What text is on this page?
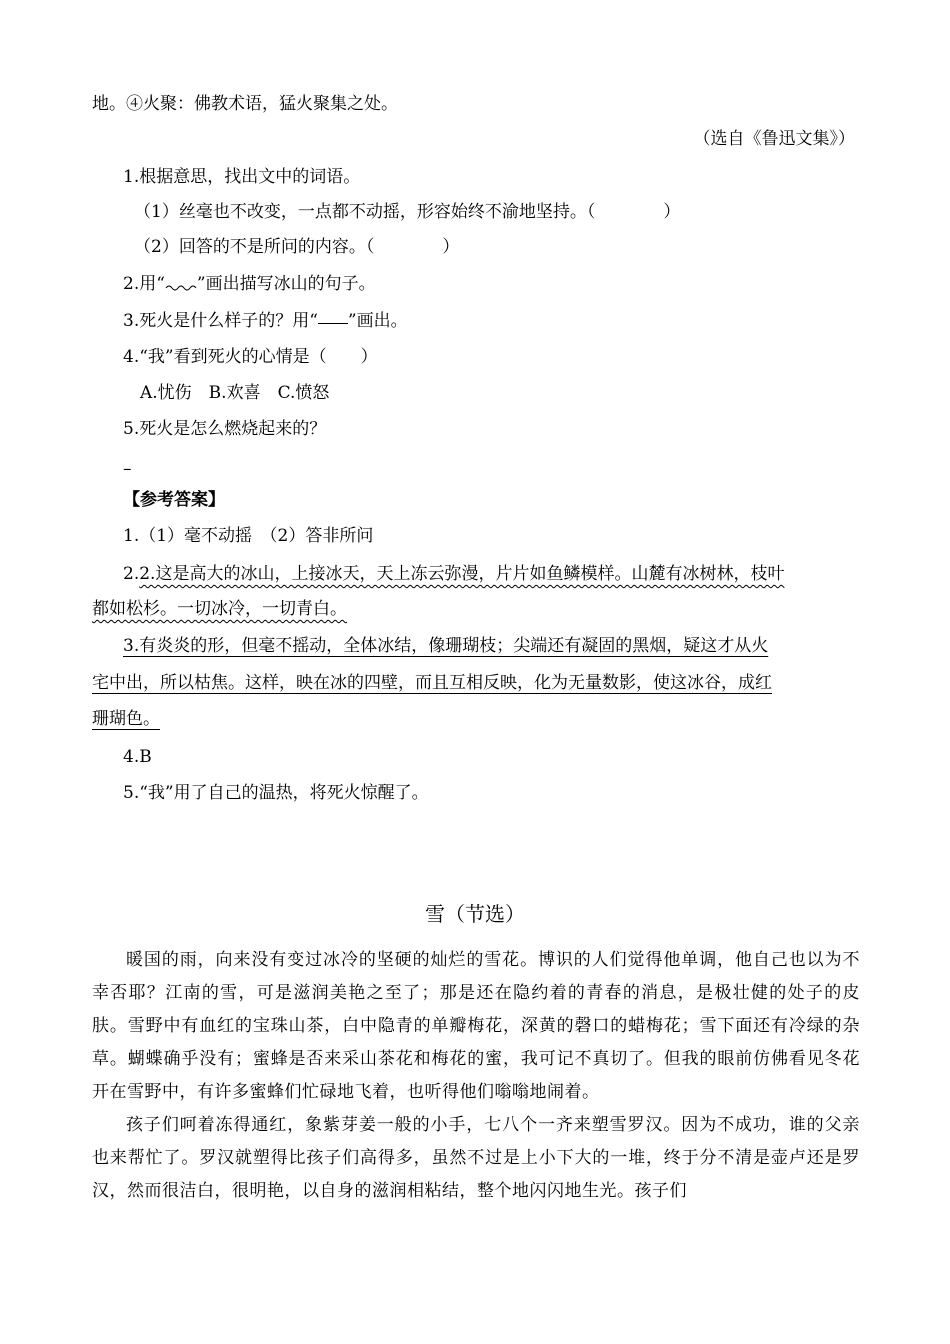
地。④火聚：佛教术语，猛火聚集之处。
（选自《鲁迅文集》）
1.根据意思，找出文中的词语。
（1）丝毫也不改变，一点都不动摇，形容始终不渝地坚持。（　　　　）
（2）回答的不是所问的内容。（　　　　）
2.用“ ”画出描写冰山的句子。
3.死火是什么样子的？用“ ”画出。
4.“我”看到死火的心情是（　　）
A.忧伤　B.欢喜　C.愤怒
5.死火是怎么燃烧起来的？
–
【参考答案】
1.（1）毫不动摇　（2）答非所问
2.2.这是高大的冰山，上接冰天，天上冻云弥漫，片片如鱼鳞模样。山麓有冰树林，枝叶
都如松杉。一切冰冷，一切青白。
3.有炎炎的形，但毫不摇动，全体冰结，像珊瑚枝；尖端还有凝固的黑烟，疑这才从火
宅中出，所以枯焦。这样，映在冰的四壁，而且互相反映，化为无量数影，使这冰谷，成红
珊瑚色。
4.B
5.“我”用了自己的温热，将死火惊醒了。
雪（节选）

暖国的雨，向来没有变过冰冷的坚硬的灿烂的雪花。博识的人们觉得他单调，他自己也以为不幸否耶？江南的雪，可是滋润美艳之至了；那是还在隐约着的青春的消息，是极壮健的处子的皮肤。雪野中有血红的宝珠山茶，白中隐青的单瓣梅花，深黄的磬口的蜡梅花；雪下面还有冷绿的杂草。蝴蝶确乎没有；蜜蜂是否来采山茶花和梅花的蜜，我可记不真切了。但我的眼前仿佛看见冬花开在雪野中，有许多蜜蜂们忙碌地飞着，也听得他们嗡嗡地闹着。

孩子们呵着冻得通红，象紫芽姜一般的小手，七八个一齐来塑雪罗汉。因为不成功，谁的父亲也来帮忙了。罗汉就塑得比孩子们高得多，虽然不过是上小下大的一堆，终于分不清是壶卢还是罗汉，然而很洁白，很明艳，以自身的滋润相粘结，整个地闪闪地生光。孩子们
